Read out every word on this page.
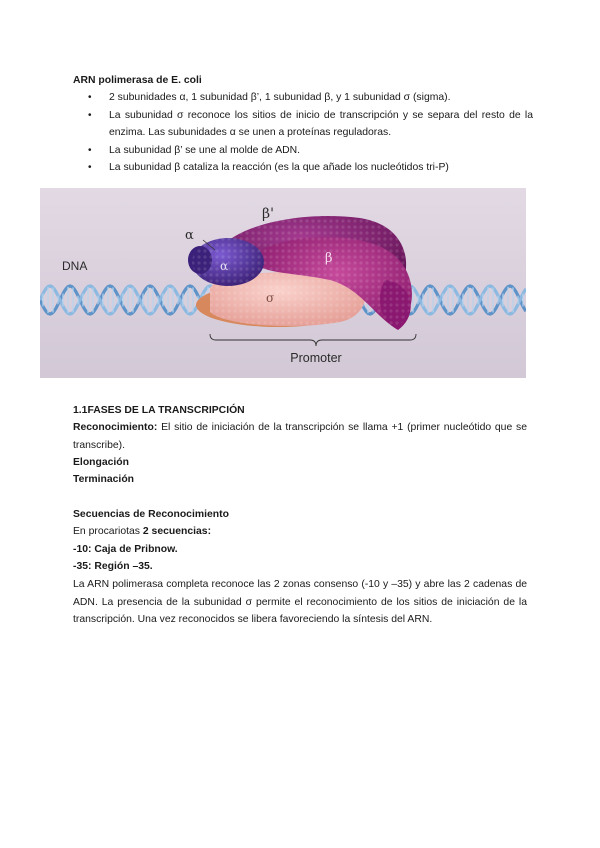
ARN polimerasa de E. coli
• 2 subunidades α, 1 subunidad β’, 1 subunidad β, y 1 subunidad σ (sigma).
• La subunidad σ reconoce los sitios de inicio de transcripción y se separa del resto de la enzima. Las subunidades α se unen a proteínas reguladoras.
• La subunidad β’ se une al molde de ADN.
• La subunidad β cataliza la reacción (es la que añade los nucleótidos tri-P)
β'
α
α	β
σ
DNA
Promoter
1.1FASES DE LA TRANSCRIPCIÓN
Reconocimiento: El sitio de iniciación de la transcripción se llama +1 (primer nucleótido que se transcribe).
Elongación
Terminación
Secuencias de Reconocimiento
En procariotas 2 secuencias:
-10: Caja de Pribnow.
-35: Región –35.
La ARN polimerasa completa reconoce las 2 zonas consenso (-10 y –35) y abre las 2 cadenas de ADN. La presencia de la subunidad σ permite el reconocimiento de los sitios de iniciación de la transcripción. Una vez reconocidos se libera favoreciendo la síntesis del ARN.
